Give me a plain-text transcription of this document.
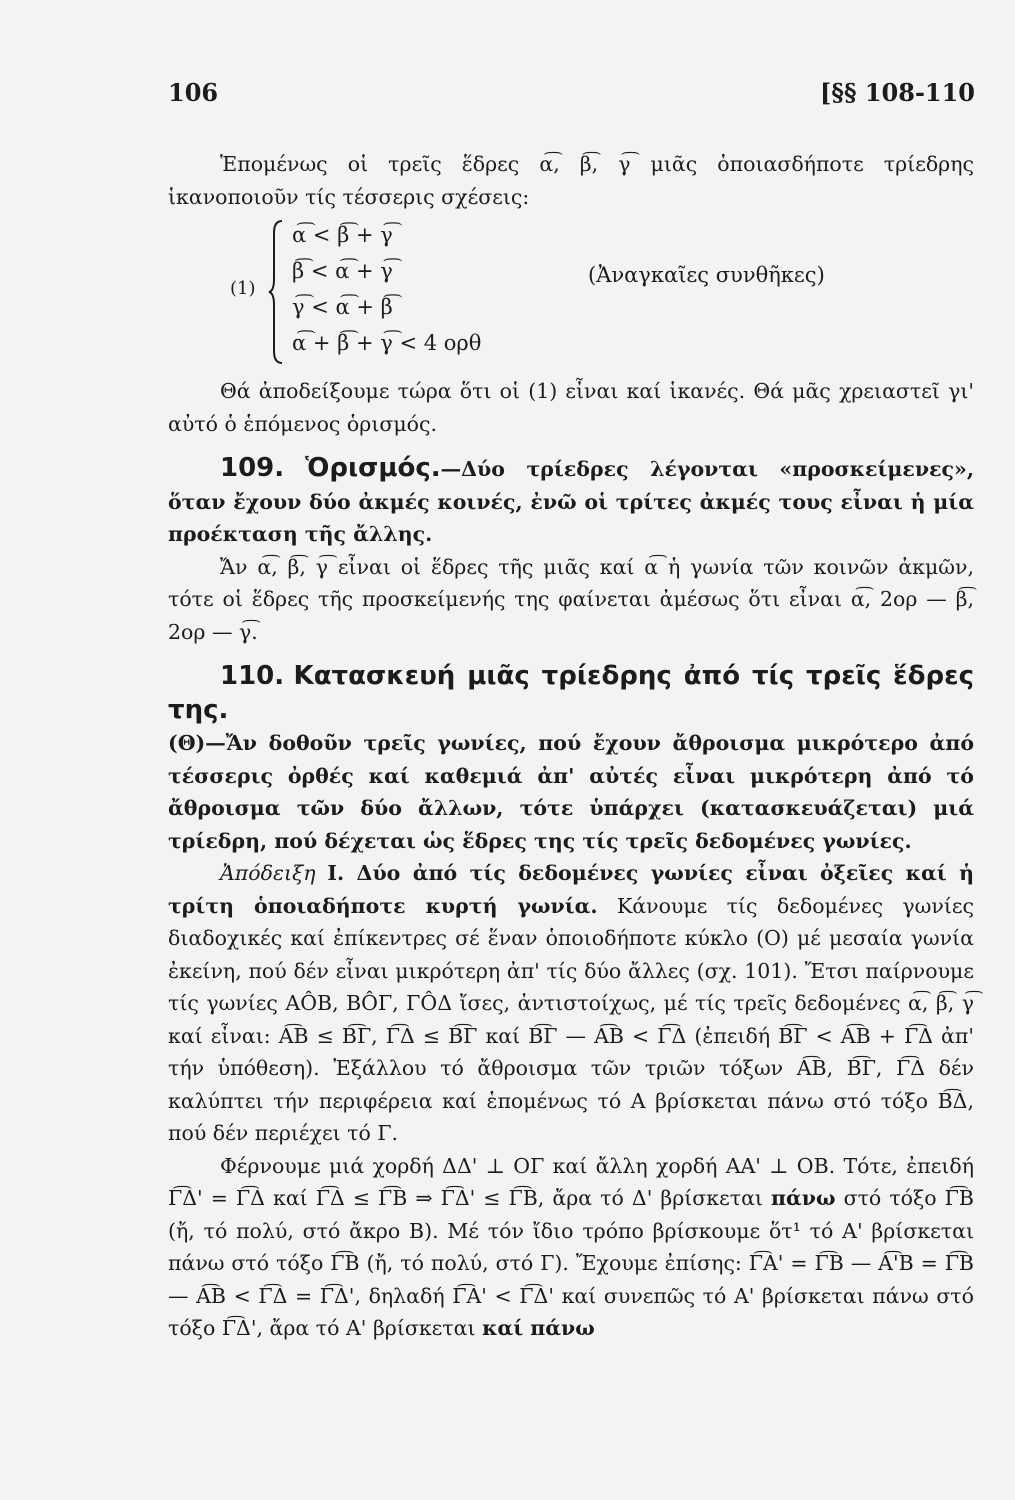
106	[§§ 108-110

Ἑπομένως οἱ τρεῖς ἕδρες α͡, β͡, γ͡ μιᾶς ὁποιασδήποτε τρίεδρης ἱκανοποιοῦν τίς τέσσερις σχέσεις:

(1)
α͡ < β͡ + γ͡
β͡ < α͡ + γ͡
γ͡ < α͡ + β͡
α͡ + β͡ + γ͡ < 4 ορθ
(Ἀναγκαῖες συνθῆκες)

Θά ἀποδείξουμε τώρα ὅτι οἱ (1) εἶναι καί ἱκανές. Θά μᾶς χρειαστεῖ γι' αὐτό ὁ ἑπόμενος ὁρισμός.

109. Ὁρισμός.—Δύο τρίεδρες λέγονται «προσκείμενες», ὅταν ἔχουν δύο ἀκμές κοινές, ἐνῶ οἱ τρίτες ἀκμές τους εἶναι ἡ μία προέκταση τῆς ἄλλης.

Ἄν α͡, β͡, γ͡ εἶναι οἱ ἕδρες τῆς μιᾶς καί α͡ ἡ γωνία τῶν κοινῶν ἀκμῶν, τότε οἱ ἕδρες τῆς προσκείμενής της φαίνεται ἀμέσως ὅτι εἶναι α͡, 2ορ — β͡, 2ορ — γ͡.

110. Κατασκευή μιᾶς τρίεδρης ἀπό τίς τρεῖς ἕδρες της.

(Θ)—Ἄν δοθοῦν τρεῖς γωνίες, πού ἔχουν ἄθροισμα μικρότερο ἀπό τέσσερις ὀρθές καί καθεμιά ἀπ' αὐτές εἶναι μικρότερη ἀπό τό ἄθροισμα τῶν δύο ἄλλων, τότε ὑπάρχει (κατασκευάζεται) μιά τρίεδρη, πού δέχεται ὡς ἕδρες της τίς τρεῖς δεδομένες γωνίες.

Ἀπόδειξη Ι. Δύο ἀπό τίς δεδομένες γωνίες εἶναι ὀξεῖες καί ἡ τρίτη ὁποιαδήποτε κυρτή γωνία. Κάνουμε τίς δεδομένες γωνίες διαδοχικές καί ἐπίκεντρες σέ ἕναν ὁποιοδήποτε κύκλο (Ο) μέ μεσαία γωνία ἐκείνη, πού δέν εἶναι μικρότερη ἀπ' τίς δύο ἄλλες (σχ. 101). Ἔτσι παίρνουμε τίς γωνίες ΑÔΒ, ΒÔΓ, ΓÔΔ ἴσες, ἀντιστοίχως, μέ τίς τρεῖς δεδομένες α͡, β͡, γ͡ καί εἶναι: Α͡Β ≤ Β͡Γ, Γ͡Δ ≤ Β͡Γ καί Β͡Γ — Α͡Β < Γ͡Δ (ἐπειδή Β͡Γ < Α͡Β + Γ͡Δ ἀπ' τήν ὑπόθεση). Ἐξάλλου τό ἄθροισμα τῶν τριῶν τόξων Α͡Β, Β͡Γ, Γ͡Δ δέν καλύπτει τήν περιφέρεια καί ἑπομένως τό Α βρίσκεται πάνω στό τόξο Β͡Δ, πού δέν περιέχει τό Γ.

Φέρνουμε μιά χορδή ΔΔ' ⊥ ΟΓ καί ἄλλη χορδή ΑΑ' ⊥ ΟΒ. Τότε, ἐπειδή Γ͡Δ' = Γ͡Δ καί Γ͡Δ ≤ Γ͡Β ⇒ Γ͡Δ' ≤ Γ͡Β, ἄρα τό Δ' βρίσκεται πάνω στό τόξο Γ͡Β (ἤ, τό πολύ, στό ἄκρο Β). Μέ τόν ἴδιο τρόπο βρίσκουμε ὅτ¹ τό Α' βρίσκεται πάνω στό τόξο Γ͡Β (ἤ, τό πολύ, στό Γ). Ἔχουμε ἐπίσης: Γ͡Α' = Γ͡Β — Α͡'Β = Γ͡Β — Α͡Β < Γ͡Δ = Γ͡Δ', δηλαδή Γ͡Α' < Γ͡Δ' καί συνεπῶς τό Α' βρίσκεται πάνω στό τόξο Γ͡Δ', ἄρα τό Α' βρίσκεται καί πάνω
